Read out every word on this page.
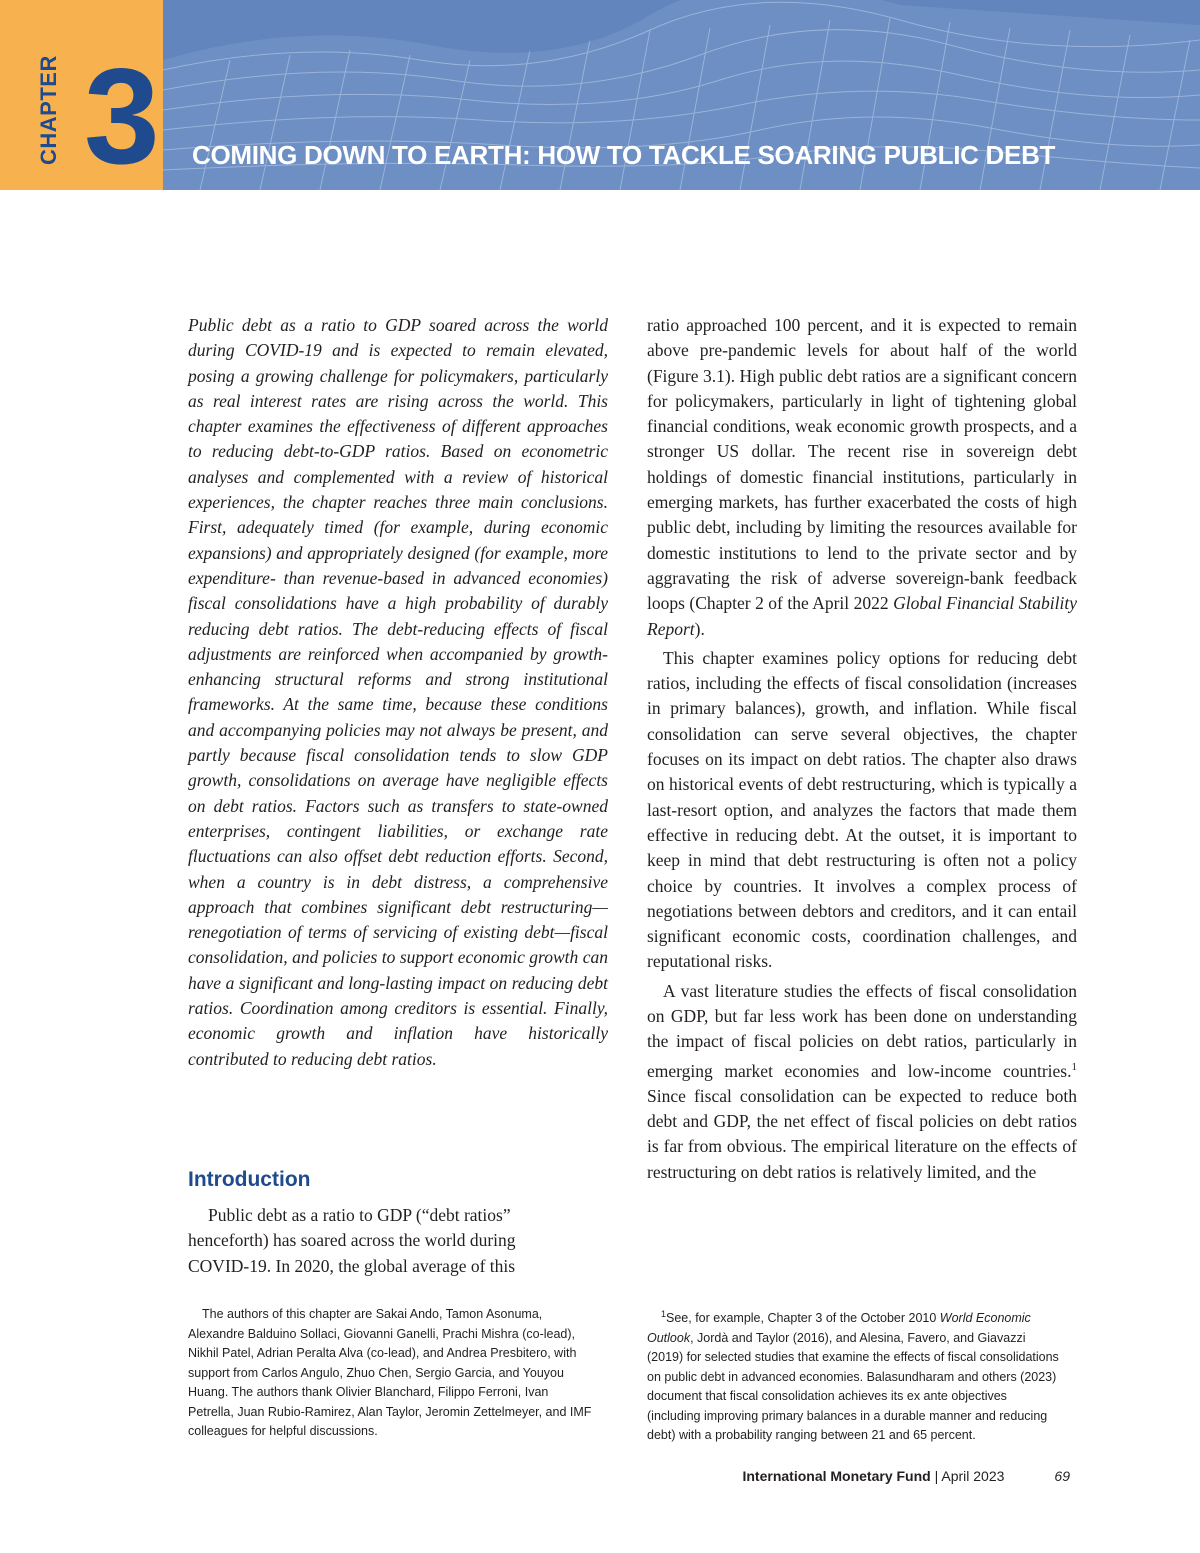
CHAPTER 3 COMING DOWN TO EARTH: HOW TO TACKLE SOARING PUBLIC DEBT

Public debt as a ratio to GDP soared across the world during COVID-19 and is expected to remain elevated, posing a growing challenge for policymakers, particularly as real interest rates are rising across the world. This chapter examines the effectiveness of different approaches to reducing debt-to-GDP ratios. Based on econometric analyses and complemented with a review of historical experiences, the chapter reaches three main conclusions. First, adequately timed (for example, during economic expansions) and appropriately designed (for example, more expenditure- than revenue-based in advanced economies) fiscal consolidations have a high probability of durably reducing debt ratios. The debt-reducing effects of fiscal adjustments are reinforced when accompanied by growth-enhancing structural reforms and strong institutional frameworks. At the same time, because these conditions and accompanying policies may not always be present, and partly because fiscal consolidation tends to slow GDP growth, consolidations on average have negligible effects on debt ratios. Factors such as transfers to state-owned enterprises, contingent liabilities, or exchange rate fluctuations can also offset debt reduction efforts. Second, when a country is in debt distress, a comprehensive approach that combines significant debt restructuring—renegotiation of terms of servicing of existing debt—fiscal consolidation, and policies to support economic growth can have a significant and long-lasting impact on reducing debt ratios. Coordination among creditors is essential. Finally, economic growth and inflation have historically contributed to reducing debt ratios.

Introduction

Public debt as a ratio to GDP (“debt ratios” henceforth) has soared across the world during COVID-19. In 2020, the global average of this

ratio approached 100 percent, and it is expected to remain above pre-pandemic levels for about half of the world (Figure 3.1). High public debt ratios are a significant concern for policymakers, particularly in light of tightening global financial conditions, weak economic growth prospects, and a stronger US dollar. The recent rise in sovereign debt holdings of domestic financial institutions, particularly in emerging markets, has further exacerbated the costs of high public debt, including by limiting the resources available for domestic institutions to lend to the private sector and by aggravating the risk of adverse sovereign-bank feedback loops (Chapter 2 of the April 2022 Global Financial Stability Report).

This chapter examines policy options for reducing debt ratios, including the effects of fiscal consolidation (increases in primary balances), growth, and inflation. While fiscal consolidation can serve several objectives, the chapter focuses on its impact on debt ratios. The chapter also draws on historical events of debt restructuring, which is typically a last-resort option, and analyzes the factors that made them effective in reducing debt. At the outset, it is important to keep in mind that debt restructuring is often not a policy choice by countries. It involves a complex process of negotiations between debtors and creditors, and it can entail significant economic costs, coordination challenges, and reputational risks.

A vast literature studies the effects of fiscal consolidation on GDP, but far less work has been done on understanding the impact of fiscal policies on debt ratios, particularly in emerging market economies and low-income countries.$^1$ Since fiscal consolidation can be expected to reduce both debt and GDP, the net effect of fiscal policies on debt ratios is far from obvious. The empirical literature on the effects of restructuring on debt ratios is relatively limited, and the

The authors of this chapter are Sakai Ando, Tamon Asonuma, Alexandre Balduino Sollaci, Giovanni Ganelli, Prachi Mishra (co-lead), Nikhil Patel, Adrian Peralta Alva (co-lead), and Andrea Presbitero, with support from Carlos Angulo, Zhuo Chen, Sergio Garcia, and Youyou Huang. The authors thank Olivier Blanchard, Filippo Ferroni, Ivan Petrella, Juan Rubio-Ramirez, Alan Taylor, Jeromin Zettelmeyer, and IMF colleagues for helpful discussions.

$^1$See, for example, Chapter 3 of the October 2010 World Economic Outlook, Jordà and Taylor (2016), and Alesina, Favero, and Giavazzi (2019) for selected studies that examine the effects of fiscal consolidations on public debt in advanced economies. Balasundharam and others (2023) document that fiscal consolidation achieves its ex ante objectives (including improving primary balances in a durable manner and reducing debt) with a probability ranging between 21 and 65 percent.

International Monetary Fund | April 2023	69
